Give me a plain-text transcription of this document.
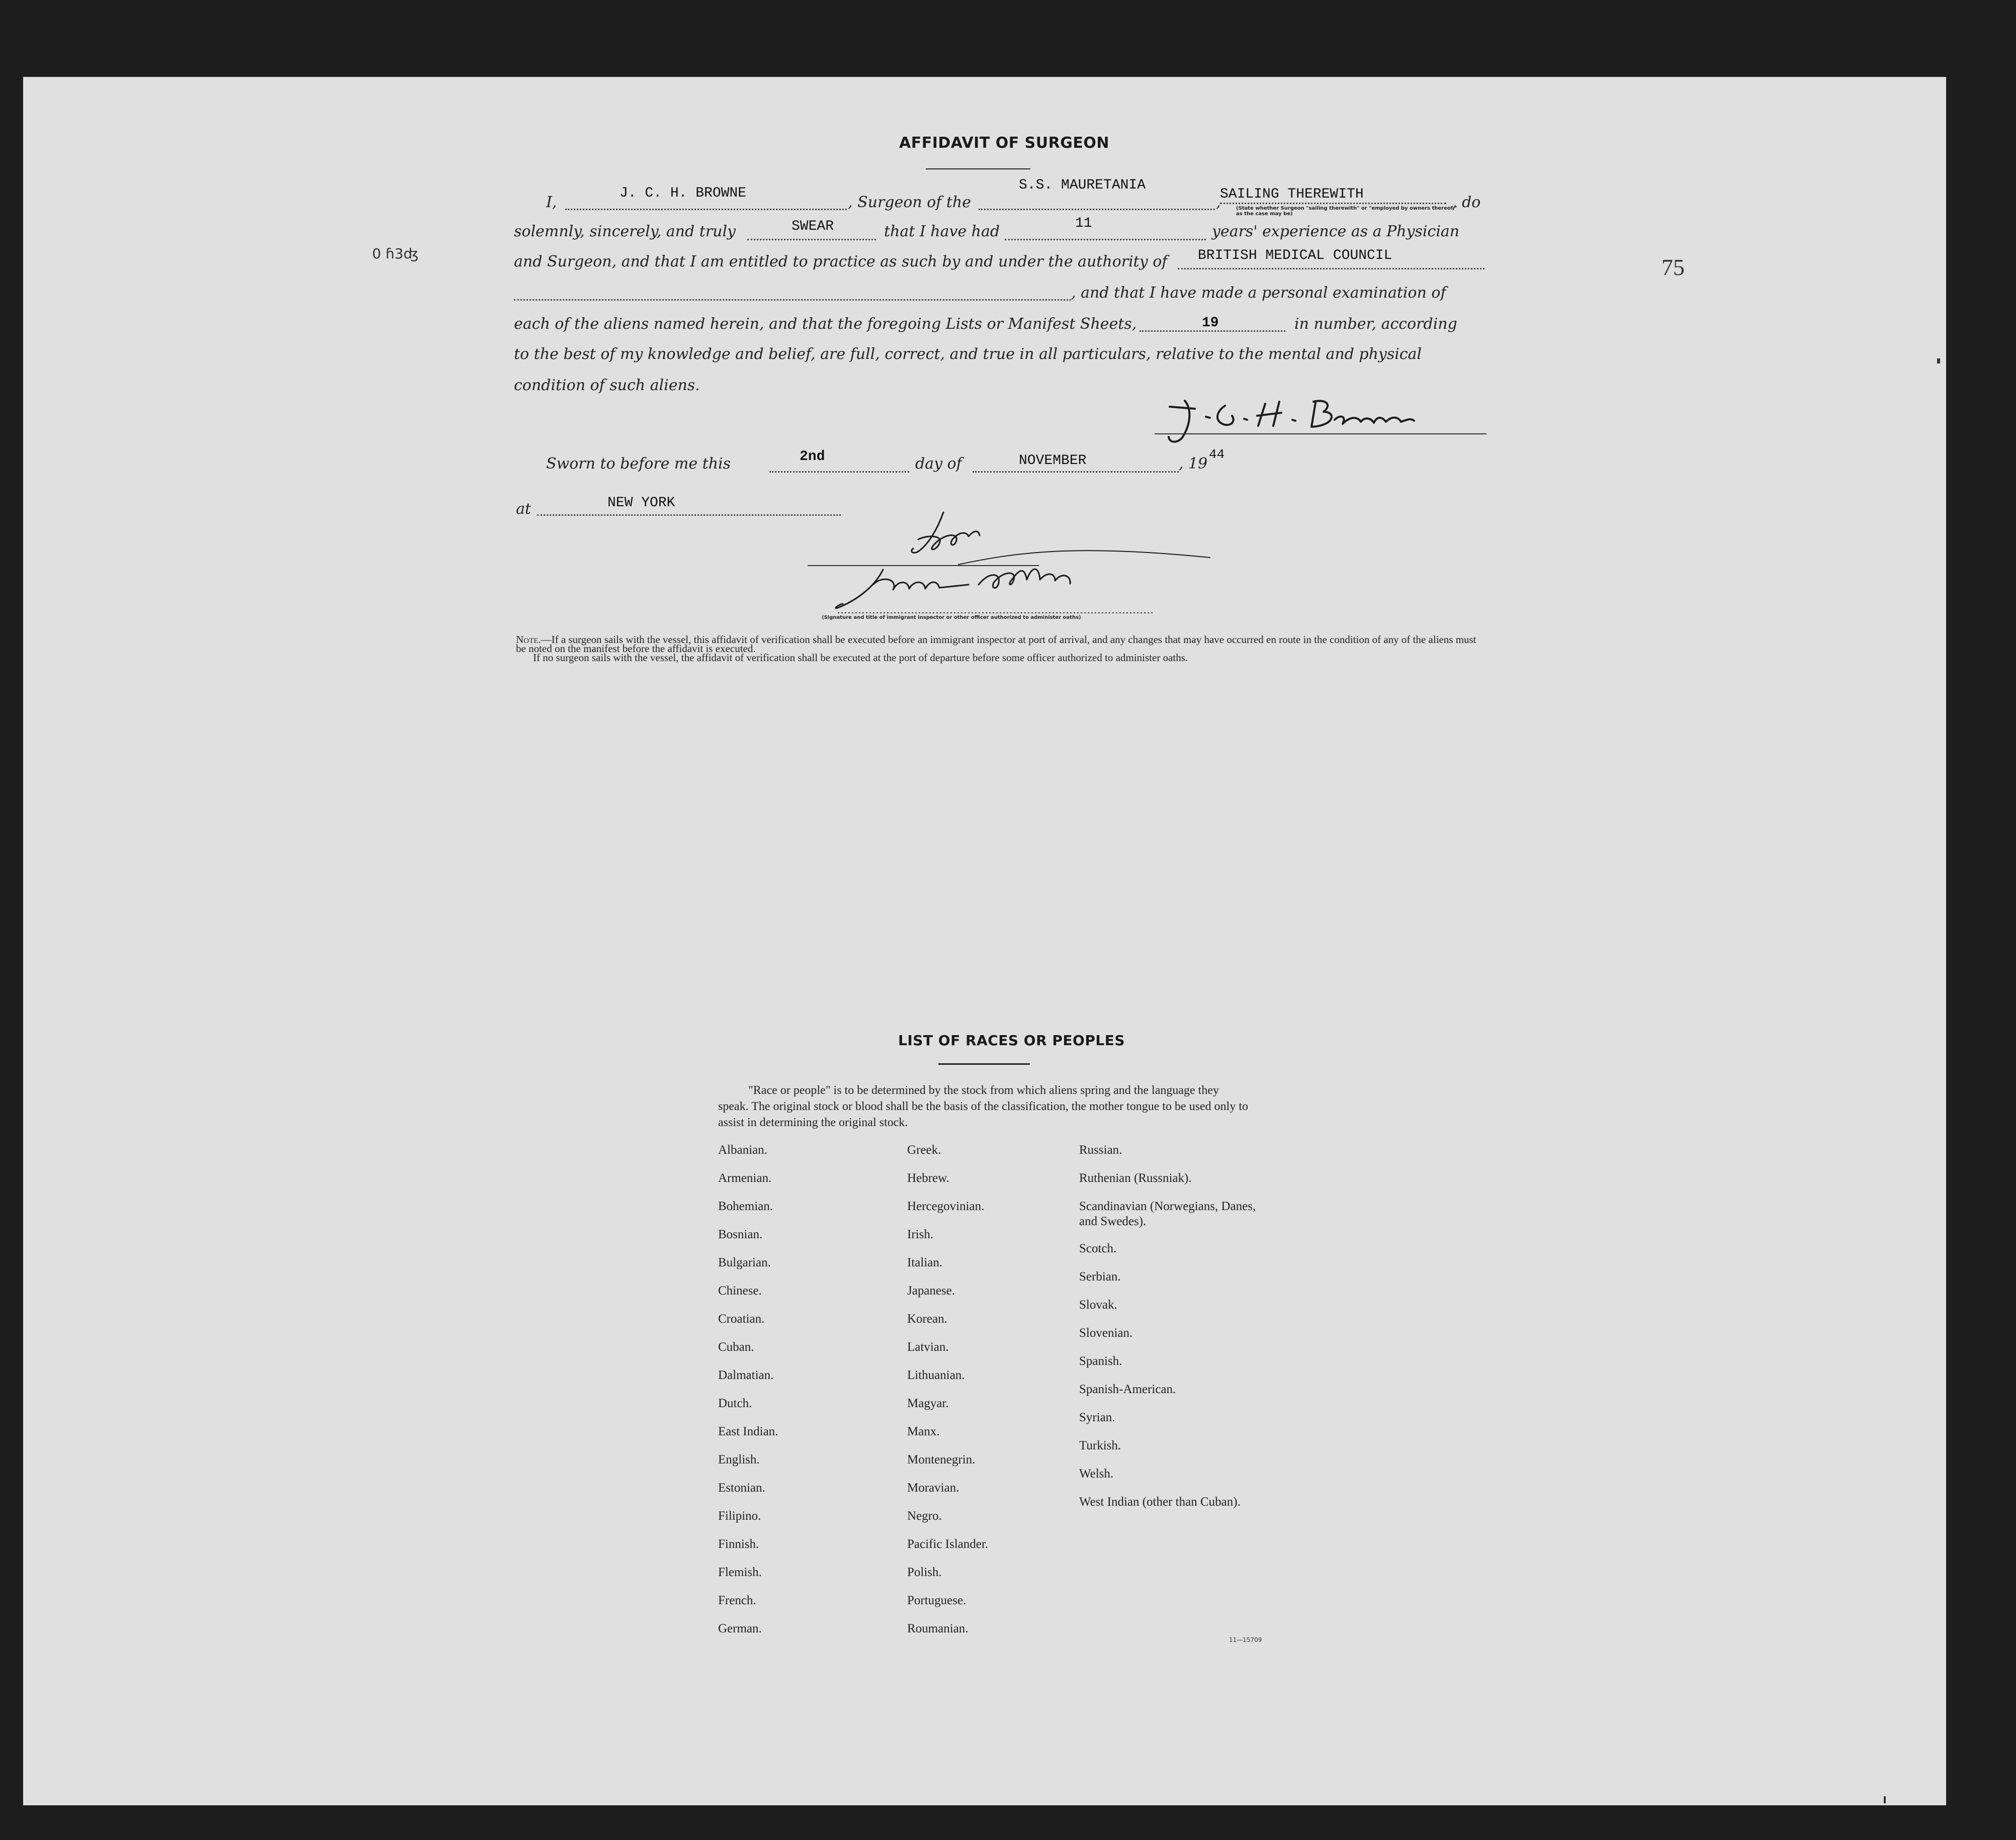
0 ɦ3ʤ
75
AFFIDAVIT OF SURGEON
I,
J. C. H. BROWNE
, Surgeon of the
S.S. MAURETANIA
,
SAILING THEREWITH
(State whether Surgeon "sailing therewith" or "employed by owners thereof," as the case may be)
, do
solemnly, sincerely, and truly	SWEAR	that I have had	11	years' experience as a Physician
and Surgeon, and that I am entitled to practice as such by and under the authority of BRITISH MEDICAL COUNCIL
, and that I have made a personal examination of
each of the aliens named herein, and that the foregoing Lists or Manifest Sheets,	19	in number, according
to the best of my knowledge and belief, are full, correct, and true in all particulars, relative to the mental and physical
condition of such aliens.
Sworn to before me this	2nd	day of	NOVEMBER	, 19
44
at	NEW YORK
(Signature and title of immigrant inspector or other officer authorized to administer oaths)
Note.—If a surgeon sails with the vessel, this affidavit of verification shall be executed before an immigrant inspector at port of arrival, and any changes that may have occurred en route in the condition of any of the aliens must be noted on the manifest before the affidavit is executed.
If no surgeon sails with the vessel, the affidavit of verification shall be executed at the port of departure before some officer authorized to administer oaths.
LIST OF RACES OR PEOPLES
"Race or people" is to be determined by the stock from which aliens spring and the language they speak. The original stock or blood shall be the basis of the classification, the mother tongue to be used only to assist in determining the original stock.
Albanian.
Armenian.
Bohemian.
Bosnian.
Bulgarian.
Chinese.
Croatian.
Cuban.
Dalmatian.
Dutch.
East Indian.
English.
Estonian.
Filipino.
Finnish.
Flemish.
French.
German.
Greek.
Hebrew.
Hercegovinian.
Irish.
Italian.
Japanese.
Korean.
Latvian.
Lithuanian.
Magyar.
Manx.
Montenegrin.
Moravian.
Negro.
Pacific Islander.
Polish.
Portuguese.
Roumanian.
Russian.
Ruthenian (Russniak).
Scandinavian (Norwegians, Danes, and Swedes).
Scotch.
Serbian.
Slovak.
Slovenian.
Spanish.
Spanish-American.
Syrian.
Turkish.
Welsh.
West Indian (other than Cuban).
11—15709
